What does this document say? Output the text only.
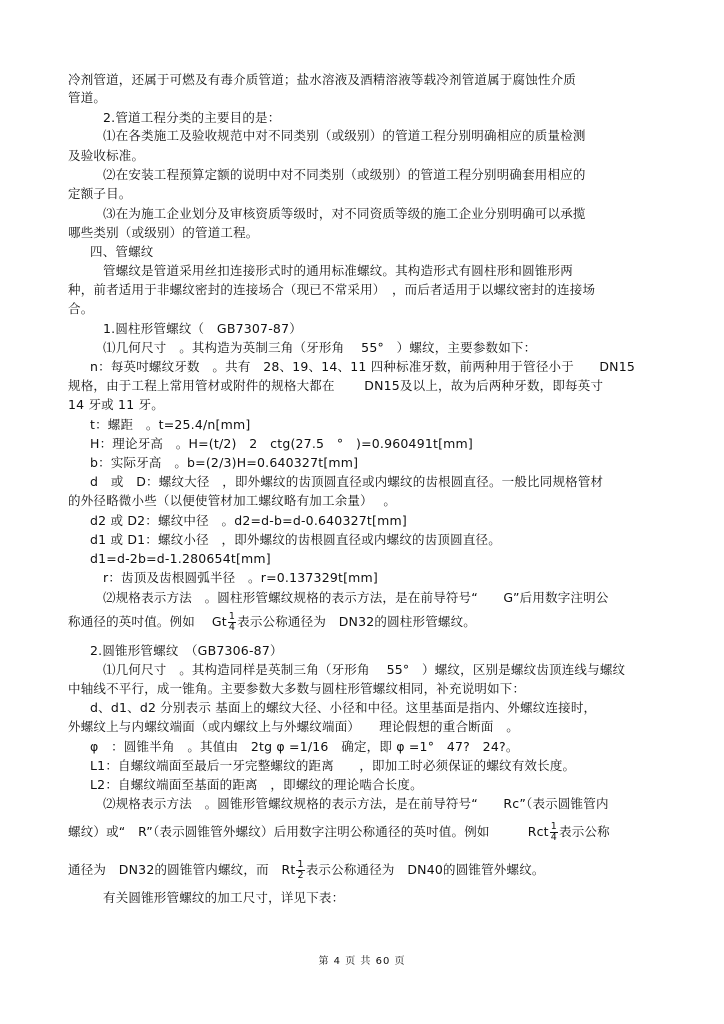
冷剂管道，还属于可燃及有毒介质管道；盐水溶液及酒精溶液等载冷剂管道属于腐蚀性介质
管道。
2.管道工程分类的主要目的是：
⑴在各类施工及验收规范中对不同类别（或级别）的管道工程分别明确相应的质量检测
及验收标准。
⑵在安装工程预算定额的说明中对不同类别（或级别）的管道工程分别明确套用相应的
定额子目。
⑶在为施工企业划分及审核资质等级时，对不同资质等级的施工企业分别明确可以承揽
哪些类别（或级别）的管道工程。
四、管螺纹
管螺纹是管道采用丝扣连接形式时的通用标准螺纹。其构造形式有圆柱形和圆锥形两
种，前者适用于非螺纹密封的连接场合（现已不常采用）　，而后者适用于以螺纹密封的连接场
合。
1.圆柱形管螺纹（　GB7307-87）
⑴几何尺寸　。其构造为英制三角（牙形角　 55°　）螺纹，主要参数如下：
n：每英吋螺纹牙数　。共有　28、19、14、11 四种标准牙数，前两种用于管径小于　　DN15
规格，由于工程上常用管材或附件的规格大都在　　 DN15及以上，故为后两种牙数，即每英寸
14 牙或 11 牙。
t：螺距　。t=25.4/n[mm]
H：理论牙高　。H=(t/2)　2　ctg(27.5　°　)=0.960491t[mm]
b：实际牙高　。b=(2/3)H=0.640327t[mm]
d　或　D：螺纹大径　，即外螺纹的齿顶圆直径或内螺纹的齿根圆直径。一般比同规格管材
的外径略微小些（以便使管材加工螺纹略有加工余量）　 。
d2 或 D2：螺纹中径　。d2=d-b=d-0.640327t[mm]
d1 或 D1：螺纹小径　，即外螺纹的齿根圆直径或内螺纹的齿顶圆直径。
d1=d-2b=d-1.280654t[mm]
r：齿顶及齿根圆弧半径　。r=0.137329t[mm]
⑵规格表示方法　。圆柱形管螺纹规格的表示方法，是在前导符号“　　G”后用数字注明公
称通径的英吋值。例如　 Gt $\frac{1}{4}$ 表示公称通径为　DN32的圆柱形管螺纹。
2.圆锥形管螺纹　（GB7306-87）
⑴几何尺寸　。其构造同样是英制三角（牙形角　 55°　）螺纹，区别是螺纹齿顶连线与螺纹
中轴线不平行，成一锥角。主要参数大多数与圆柱形管螺纹相同，补充说明如下：
d、d1、d2 分别表示 基面上的螺纹大径、小径和中径。这里基面是指内、外螺纹连接时，
外螺纹上与内螺纹端面（或内螺纹上与外螺纹端面）　　理论假想的重合断面　。
φ　：圆锥半角　。其值由　2tg φ =1/16　确定，即 φ =1°　47?　24?。
L1：自螺纹端面至最后一牙完整螺纹的距离　　，即加工时必须保证的螺纹有效长度。
L2：自螺纹端面至基面的距离　，即螺纹的理论啮合长度。
⑵规格表示方法　。圆锥形管螺纹规格的表示方法，是在前导符号“　　Rc”（表示圆锥管内
螺纹）或“　R”（表示圆锥管外螺纹）后用数字注明公称通径的英吋值。例如　　　Rct $\frac{1}{4}$ 表示公称
通径为　DN32的圆锥管内螺纹，而　Rt $\frac{1}{2}$ 表示公称通径为　DN40的圆锥管外螺纹。
有关圆锥形管螺纹的加工尺寸，详见下表：
第 4 页 共 60 页
